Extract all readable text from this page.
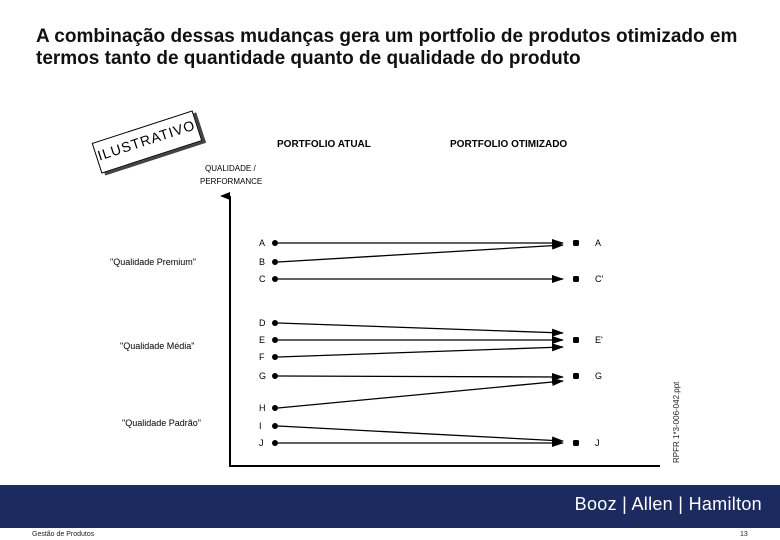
A combinação dessas mudanças gera um portfolio de produtos otimizado em termos tanto de quantidade quanto de qualidade do produto
ILUSTRATIVO	PORTFOLIO ATUAL	PORTFOLIO OTIMIZADO
QUALIDADE /
PERFORMANCE
"Qualidade Premium"
"Qualidade Média"
"Qualidade Padrão"
A
B
C
D
E
F
G
H
I
J
A
C'
E'
G
J	RPFR 1*3-006-042.ppt
Booz | Allen | Hamilton
Gestão de Produtos	13
